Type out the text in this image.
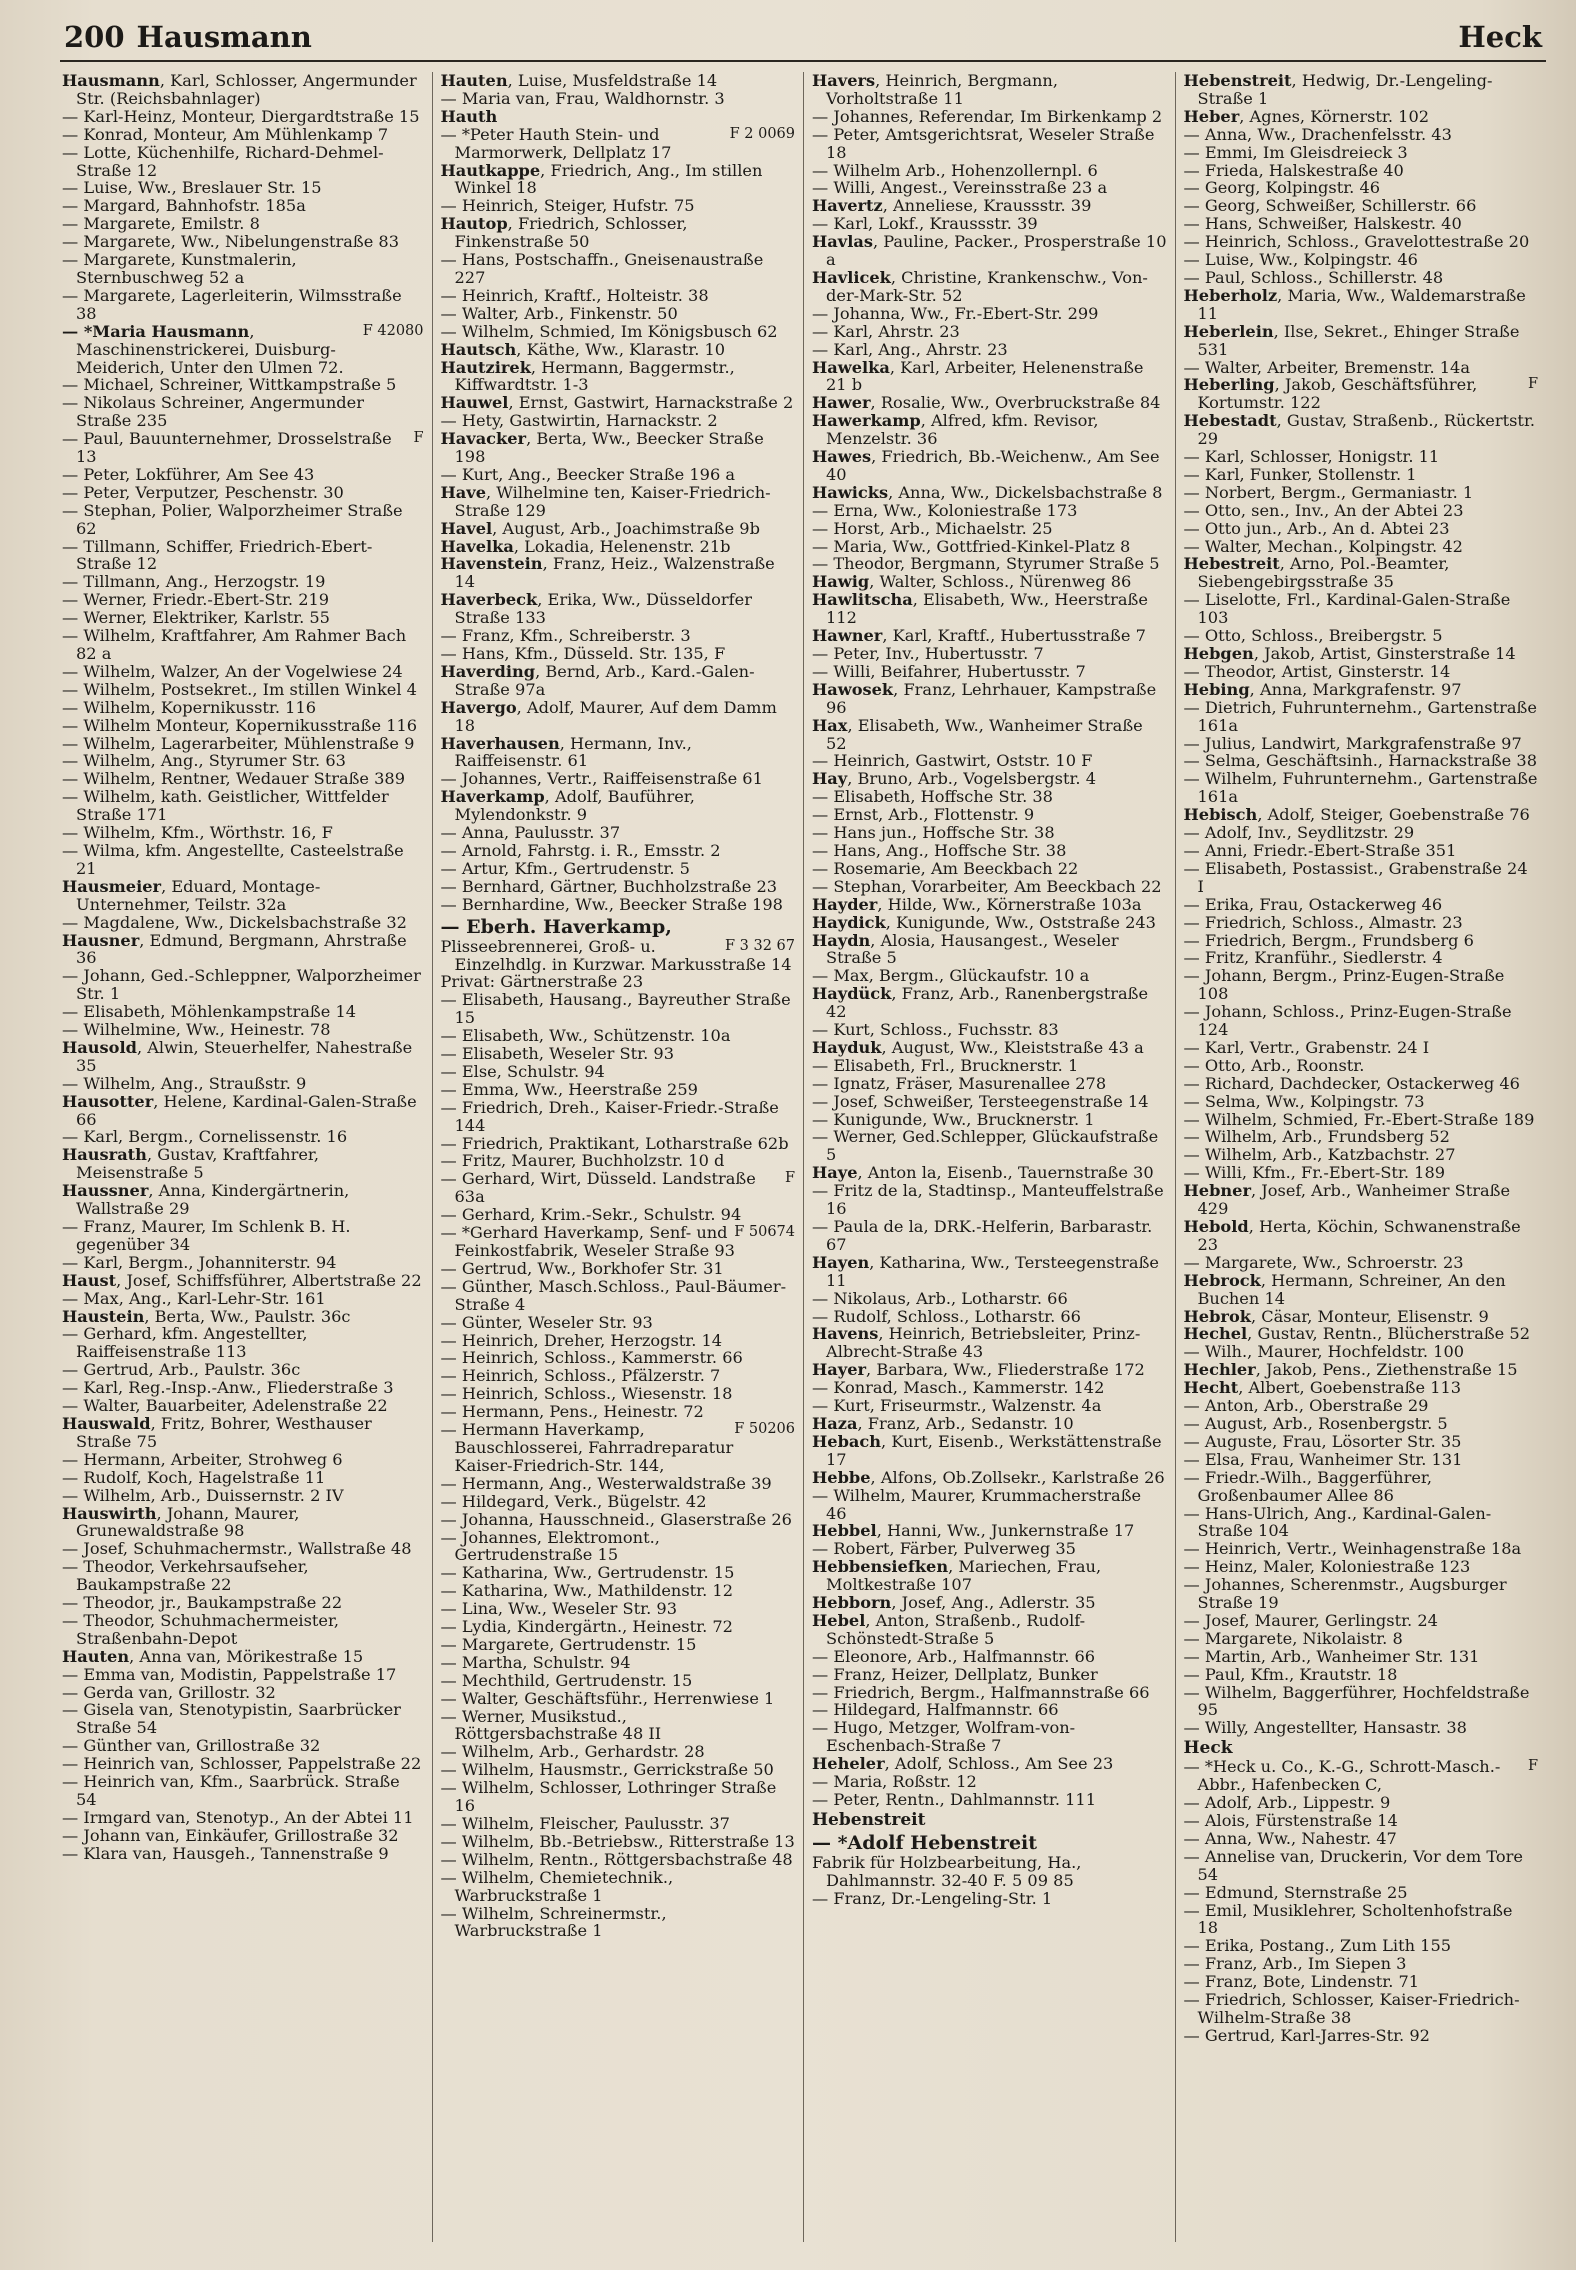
200 Hausmann	Heck
Hausmann, Karl, Schlosser, Angermunder Str. (Reichsbahnlager)
— Karl-Heinz, Monteur, Diergardtstraße 15
— Konrad, Monteur, Am Mühlenkamp 7
— Lotte, Küchenhilfe, Richard-Dehmel-Straße 12
— Luise, Ww., Breslauer Str. 15
— Margard, Bahnhofstr. 185a
— Margarete, Emilstr. 8
— Margarete, Ww., Nibelungenstraße 83
— Margarete, Kunstmalerin, Sternbuschweg 52 a
— Margarete, Lagerleiterin, Wilmsstraße 38
F 42080
— *Maria Hausmann, Maschinenstrickerei, Duisburg-Meiderich, Unter den Ulmen 72.
— Michael, Schreiner, Wittkampstraße 5
— Nikolaus Schreiner, Angermunder Straße 235
F
— Paul, Bauunternehmer, Drosselstraße 13
— Peter, Lokführer, Am See 43
— Peter, Verputzer, Peschenstr. 30
— Stephan, Polier, Walporzheimer Straße 62
— Tillmann, Schiffer, Friedrich-Ebert-Straße 12
— Tillmann, Ang., Herzogstr. 19
— Werner, Friedr.-Ebert-Str. 219
— Werner, Elektriker, Karlstr. 55
— Wilhelm, Kraftfahrer, Am Rahmer Bach 82 a
— Wilhelm, Walzer, An der Vogelwiese 24
— Wilhelm, Postsekret., Im stillen Winkel 4
— Wilhelm, Kopernikusstr. 116
— Wilhelm Monteur, Kopernikusstraße 116
— Wilhelm, Lagerarbeiter, Mühlenstraße 9
— Wilhelm, Ang., Styrumer Str. 63
— Wilhelm, Rentner, Wedauer Straße 389
— Wilhelm, kath. Geistlicher, Wittfelder Straße 171
— Wilhelm, Kfm., Wörthstr. 16, F
— Wilma, kfm. Angestellte, Casteelstraße 21
Hausmeier, Eduard, Montage-Unternehmer, Teilstr. 32a
— Magdalene, Ww., Dickelsbachstraße 32
Hausner, Edmund, Bergmann, Ahrstraße 36
— Johann, Ged.-Schleppner, Walporzheimer Str. 1
— Elisabeth, Möhlenkampstraße 14
— Wilhelmine, Ww., Heinestr. 78
Hausold, Alwin, Steuerhelfer, Nahestraße 35
— Wilhelm, Ang., Straußstr. 9
Hausotter, Helene, Kardinal-Galen-Straße 66
— Karl, Bergm., Cornelissenstr. 16
Hausrath, Gustav, Kraftfahrer, Meisenstraße 5
Haussner, Anna, Kindergärtnerin, Wallstraße 29
— Franz, Maurer, Im Schlenk B. H. gegenüber 34
— Karl, Bergm., Johanniterstr. 94
Haust, Josef, Schiffsführer, Albertstraße 22
— Max, Ang., Karl-Lehr-Str. 161
Haustein, Berta, Ww., Paulstr. 36c
— Gerhard, kfm. Angestellter, Raiffeisenstraße 113
— Gertrud, Arb., Paulstr. 36c
— Karl, Reg.-Insp.-Anw., Fliederstraße 3
— Walter, Bauarbeiter, Adelenstraße 22
Hauswald, Fritz, Bohrer, Westhauser Straße 75
— Hermann, Arbeiter, Strohweg 6
— Rudolf, Koch, Hagelstraße 11
— Wilhelm, Arb., Duissernstr. 2 IV
Hauswirth, Johann, Maurer, Grunewaldstraße 98
— Josef, Schuhmachermstr., Wallstraße 48
— Theodor, Verkehrsaufseher, Baukampstraße 22
— Theodor, jr., Baukampstraße 22
— Theodor, Schuhmachermeister, Straßenbahn-Depot
Hauten, Anna van, Mörikestraße 15
— Emma van, Modistin, Pappelstraße 17
— Gerda van, Grillostr. 32
— Gisela van, Stenotypistin, Saarbrücker Straße 54
— Günther van, Grillostraße 32
— Heinrich van, Schlosser, Pappelstraße 22
— Heinrich van, Kfm., Saarbrück. Straße 54
— Irmgard van, Stenotyp., An der Abtei 11
— Johann van, Einkäufer, Grillostraße 32
— Klara van, Hausgeh., Tannenstraße 9
Hauten, Luise, Musfeldstraße 14
— Maria van, Frau, Waldhornstr. 3
Hauth
F 2 0069
— *Peter Hauth Stein- und Marmorwerk, Dellplatz 17
Hautkappe, Friedrich, Ang., Im stillen Winkel 18
— Heinrich, Steiger, Hufstr. 75
Hautop, Friedrich, Schlosser, Finkenstraße 50
— Hans, Postschaffn., Gneisenaustraße 227
— Heinrich, Kraftf., Holteistr. 38
— Walter, Arb., Finkenstr. 50
— Wilhelm, Schmied, Im Königsbusch 62
Hautsch, Käthe, Ww., Klarastr. 10
Hautzirek, Hermann, Baggermstr., Kiffwardtstr. 1-3
Hauwel, Ernst, Gastwirt, Harnackstraße 2
— Hety, Gastwirtin, Harnackstr. 2
Havacker, Berta, Ww., Beecker Straße 198
— Kurt, Ang., Beecker Straße 196 a
Have, Wilhelmine ten, Kaiser-Friedrich-Straße 129
Havel, August, Arb., Joachimstraße 9b
Havelka, Lokadia, Helenenstr. 21b
Havenstein, Franz, Heiz., Walzenstraße 14
Haverbeck, Erika, Ww., Düsseldorfer Straße 133
— Franz, Kfm., Schreiberstr. 3
— Hans, Kfm., Düsseld. Str. 135, F
Haverding, Bernd, Arb., Kard.-Galen-Straße 97a
Havergo, Adolf, Maurer, Auf dem Damm 18
Haverhausen, Hermann, Inv., Raiffeisenstr. 61
— Johannes, Vertr., Raiffeisenstraße 61
Haverkamp, Adolf, Bauführer, Mylendonkstr. 9
— Anna, Paulusstr. 37
— Arnold, Fahrstg. i. R., Emsstr. 2
— Artur, Kfm., Gertrudenstr. 5
— Bernhard, Gärtner, Buchholzstraße 23
— Bernhardine, Ww., Beecker Straße 198
— Eberh. Haverkamp,
F 3 32 67
Plisseebrennerei, Groß- u. Einzelhdlg. in Kurzwar. Markusstraße 14
Privat: Gärtnerstraße 23
— Elisabeth, Hausang., Bayreuther Straße 15
— Elisabeth, Ww., Schützenstr. 10a
— Elisabeth, Weseler Str. 93
— Else, Schulstr. 94
— Emma, Ww., Heerstraße 259
— Friedrich, Dreh., Kaiser-Friedr.-Straße 144
— Friedrich, Praktikant, Lotharstraße 62b
— Fritz, Maurer, Buchholzstr. 10 d
F
— Gerhard, Wirt, Düsseld. Landstraße 63a
— Gerhard, Krim.-Sekr., Schulstr. 94
F 50674
— *Gerhard Haverkamp, Senf- und Feinkostfabrik, Weseler Straße 93
— Gertrud, Ww., Borkhofer Str. 31
— Günther, Masch.Schloss., Paul-Bäumer-Straße 4
— Günter, Weseler Str. 93
— Heinrich, Dreher, Herzogstr. 14
— Heinrich, Schloss., Kammerstr. 66
— Heinrich, Schloss., Pfälzerstr. 7
— Heinrich, Schloss., Wiesenstr. 18
— Hermann, Pens., Heinestr. 72
F 50206
— Hermann Haverkamp, Bauschlosserei, Fahrradreparatur Kaiser-Friedrich-Str. 144,
— Hermann, Ang., Westerwaldstraße 39
— Hildegard, Verk., Bügelstr. 42
— Johanna, Hausschneid., Glaserstraße 26
— Johannes, Elektromont., Gertrudenstraße 15
— Katharina, Ww., Gertrudenstr. 15
— Katharina, Ww., Mathildenstr. 12
— Lina, Ww., Weseler Str. 93
— Lydia, Kindergärtn., Heinestr. 72
— Margarete, Gertrudenstr. 15
— Martha, Schulstr. 94
— Mechthild, Gertrudenstr. 15
— Walter, Geschäftsführ., Herrenwiese 1
— Werner, Musikstud., Röttgersbachstraße 48 II
— Wilhelm, Arb., Gerhardstr. 28
— Wilhelm, Hausmstr., Gerrickstraße 50
— Wilhelm, Schlosser, Lothringer Straße 16
— Wilhelm, Fleischer, Paulusstr. 37
— Wilhelm, Bb.-Betriebsw., Ritterstraße 13
— Wilhelm, Rentn., Röttgersbachstraße 48
— Wilhelm, Chemietechnik., Warbruckstraße 1
— Wilhelm, Schreinermstr., Warbruckstraße 1
Havers, Heinrich, Bergmann, Vorholtstraße 11
— Johannes, Referendar, Im Birkenkamp 2
— Peter, Amtsgerichtsrat, Weseler Straße 18
— Wilhelm Arb., Hohenzollernpl. 6
— Willi, Angest., Vereinsstraße 23 a
Havertz, Anneliese, Kraussstr. 39
— Karl, Lokf., Kraussstr. 39
Havlas, Pauline, Packer., Prosperstraße 10 a
Havlicek, Christine, Krankenschw., Von-der-Mark-Str. 52
— Johanna, Ww., Fr.-Ebert-Str. 299
— Karl, Ahrstr. 23
— Karl, Ang., Ahrstr. 23
Hawelka, Karl, Arbeiter, Helenenstraße 21 b
Hawer, Rosalie, Ww., Overbruckstraße 84
Hawerkamp, Alfred, kfm. Revisor, Menzelstr. 36
Hawes, Friedrich, Bb.-Weichenw., Am See 40
Hawicks, Anna, Ww., Dickelsbachstraße 8
— Erna, Ww., Koloniestraße 173
— Horst, Arb., Michaelstr. 25
— Maria, Ww., Gottfried-Kinkel-Platz 8
— Theodor, Bergmann, Styrumer Straße 5
Hawig, Walter, Schloss., Nürenweg 86
Hawlitscha, Elisabeth, Ww., Heerstraße 112
Hawner, Karl, Kraftf., Hubertusstraße 7
— Peter, Inv., Hubertusstr. 7
— Willi, Beifahrer, Hubertusstr. 7
Hawosek, Franz, Lehrhauer, Kampstraße 96
Hax, Elisabeth, Ww., Wanheimer Straße 52
— Heinrich, Gastwirt, Oststr. 10 F
Hay, Bruno, Arb., Vogelsbergstr. 4
— Elisabeth, Hoffsche Str. 38
— Ernst, Arb., Flottenstr. 9
— Hans jun., Hoffsche Str. 38
— Hans, Ang., Hoffsche Str. 38
— Rosemarie, Am Beeckbach 22
— Stephan, Vorarbeiter, Am Beeckbach 22
Hayder, Hilde, Ww., Körnerstraße 103a
Haydick, Kunigunde, Ww., Oststraße 243
Haydn, Alosia, Hausangest., Weseler Straße 5
— Max, Bergm., Glückaufstr. 10 a
Haydück, Franz, Arb., Ranenbergstraße 42
— Kurt, Schloss., Fuchsstr. 83
Hayduk, August, Ww., Kleiststraße 43 a
— Elisabeth, Frl., Brucknerstr. 1
— Ignatz, Fräser, Masurenallee 278
— Josef, Schweißer, Tersteegenstraße 14
— Kunigunde, Ww., Brucknerstr. 1
— Werner, Ged.Schlepper, Glückaufstraße 5
Haye, Anton la, Eisenb., Tauernstraße 30
— Fritz de la, Stadtinsp., Manteuffelstraße 16
— Paula de la, DRK.-Helferin, Barbarastr. 67
Hayen, Katharina, Ww., Tersteegenstraße 11
— Nikolaus, Arb., Lotharstr. 66
— Rudolf, Schloss., Lotharstr. 66
Havens, Heinrich, Betriebsleiter, Prinz-Albrecht-Straße 43
Hayer, Barbara, Ww., Fliederstraße 172
— Konrad, Masch., Kammerstr. 142
— Kurt, Friseurmstr., Walzenstr. 4a
Haza, Franz, Arb., Sedanstr. 10
Hebach, Kurt, Eisenb., Werkstättenstraße 17
Hebbe, Alfons, Ob.Zollsekr., Karlstraße 26
— Wilhelm, Maurer, Krummacherstraße 46
Hebbel, Hanni, Ww., Junkernstraße 17
— Robert, Färber, Pulverweg 35
Hebbensiefken, Mariechen, Frau, Moltkestraße 107
Hebborn, Josef, Ang., Adlerstr. 35
Hebel, Anton, Straßenb., Rudolf-Schönstedt-Straße 5
— Eleonore, Arb., Halfmannstr. 66
— Franz, Heizer, Dellplatz, Bunker
— Friedrich, Bergm., Halfmannstraße 66
— Hildegard, Halfmannstr. 66
— Hugo, Metzger, Wolfram-von-Eschenbach-Straße 7
Heheler, Adolf, Schloss., Am See 23
— Maria, Roßstr. 12
— Peter, Rentn., Dahlmannstr. 111
Hebenstreit
— *Adolf Hebenstreit
Fabrik für Holzbearbeitung, Ha., Dahlmannstr. 32-40 F. 5 09 85
— Franz, Dr.-Lengeling-Str. 1
Hebenstreit, Hedwig, Dr.-Lengeling-Straße 1
Heber, Agnes, Körnerstr. 102
— Anna, Ww., Drachenfelsstr. 43
— Emmi, Im Gleisdreieck 3
— Frieda, Halskestraße 40
— Georg, Kolpingstr. 46
— Georg, Schweißer, Schillerstr. 66
— Hans, Schweißer, Halskestr. 40
— Heinrich, Schloss., Gravelottestraße 20
— Luise, Ww., Kolpingstr. 46
— Paul, Schloss., Schillerstr. 48
Heberholz, Maria, Ww., Waldemarstraße 11
Heberlein, Ilse, Sekret., Ehinger Straße 531
— Walter, Arbeiter, Bremenstr. 14a
F
Heberling, Jakob, Geschäftsführer, Kortumstr. 122
Hebestadt, Gustav, Straßenb., Rückertstr. 29
— Karl, Schlosser, Honigstr. 11
— Karl, Funker, Stollenstr. 1
— Norbert, Bergm., Germaniastr. 1
— Otto, sen., Inv., An der Abtei 23
— Otto jun., Arb., An d. Abtei 23
— Walter, Mechan., Kolpingstr. 42
Hebestreit, Arno, Pol.-Beamter, Siebengebirgsstraße 35
— Liselotte, Frl., Kardinal-Galen-Straße 103
— Otto, Schloss., Breibergstr. 5
Hebgen, Jakob, Artist, Ginsterstraße 14
— Theodor, Artist, Ginsterstr. 14
Hebing, Anna, Markgrafenstr. 97
— Dietrich, Fuhrunternehm., Gartenstraße 161a
— Julius, Landwirt, Markgrafenstraße 97
— Selma, Geschäftsinh., Harnackstraße 38
— Wilhelm, Fuhrunternehm., Gartenstraße 161a
Hebisch, Adolf, Steiger, Goebenstraße 76
— Adolf, Inv., Seydlitzstr. 29
— Anni, Friedr.-Ebert-Straße 351
— Elisabeth, Postassist., Grabenstraße 24 I
— Erika, Frau, Ostackerweg 46
— Friedrich, Schloss., Almastr. 23
— Friedrich, Bergm., Frundsberg 6
— Fritz, Kranführ., Siedlerstr. 4
— Johann, Bergm., Prinz-Eugen-Straße 108
— Johann, Schloss., Prinz-Eugen-Straße 124
— Karl, Vertr., Grabenstr. 24 I
— Otto, Arb., Roonstr.
— Richard, Dachdecker, Ostackerweg 46
— Selma, Ww., Kolpingstr. 73
— Wilhelm, Schmied, Fr.-Ebert-Straße 189
— Wilhelm, Arb., Frundsberg 52
— Wilhelm, Arb., Katzbachstr. 27
— Willi, Kfm., Fr.-Ebert-Str. 189
Hebner, Josef, Arb., Wanheimer Straße 429
Hebold, Herta, Köchin, Schwanenstraße 23
— Margarete, Ww., Schroerstr. 23
Hebrock, Hermann, Schreiner, An den Buchen 14
Hebrok, Cäsar, Monteur, Elisenstr. 9
Hechel, Gustav, Rentn., Blücherstraße 52
— Wilh., Maurer, Hochfeldstr. 100
Hechler, Jakob, Pens., Ziethenstraße 15
Hecht, Albert, Goebenstraße 113
— Anton, Arb., Oberstraße 29
— August, Arb., Rosenbergstr. 5
— Auguste, Frau, Lösorter Str. 35
— Elsa, Frau, Wanheimer Str. 131
— Friedr.-Wilh., Baggerführer, Großenbaumer Allee 86
— Hans-Ulrich, Ang., Kardinal-Galen-Straße 104
— Heinrich, Vertr., Weinhagenstraße 18a
— Heinz, Maler, Koloniestraße 123
— Johannes, Scherenmstr., Augsburger Straße 19
— Josef, Maurer, Gerlingstr. 24
— Margarete, Nikolaistr. 8
— Martin, Arb., Wanheimer Str. 131
— Paul, Kfm., Krautstr. 18
— Wilhelm, Baggerführer, Hochfeldstraße 95
— Willy, Angestellter, Hansastr. 38
Heck
F
— *Heck u. Co., K.-G., Schrott-Masch.-Abbr., Hafenbecken C,
— Adolf, Arb., Lippestr. 9
— Alois, Fürstenstraße 14
— Anna, Ww., Nahestr. 47
— Annelise van, Druckerin, Vor dem Tore 54
— Edmund, Sternstraße 25
— Emil, Musiklehrer, Scholtenhofstraße 18
— Erika, Postang., Zum Lith 155
— Franz, Arb., Im Siepen 3
— Franz, Bote, Lindenstr. 71
— Friedrich, Schlosser, Kaiser-Friedrich-Wilhelm-Straße 38
— Gertrud, Karl-Jarres-Str. 92
